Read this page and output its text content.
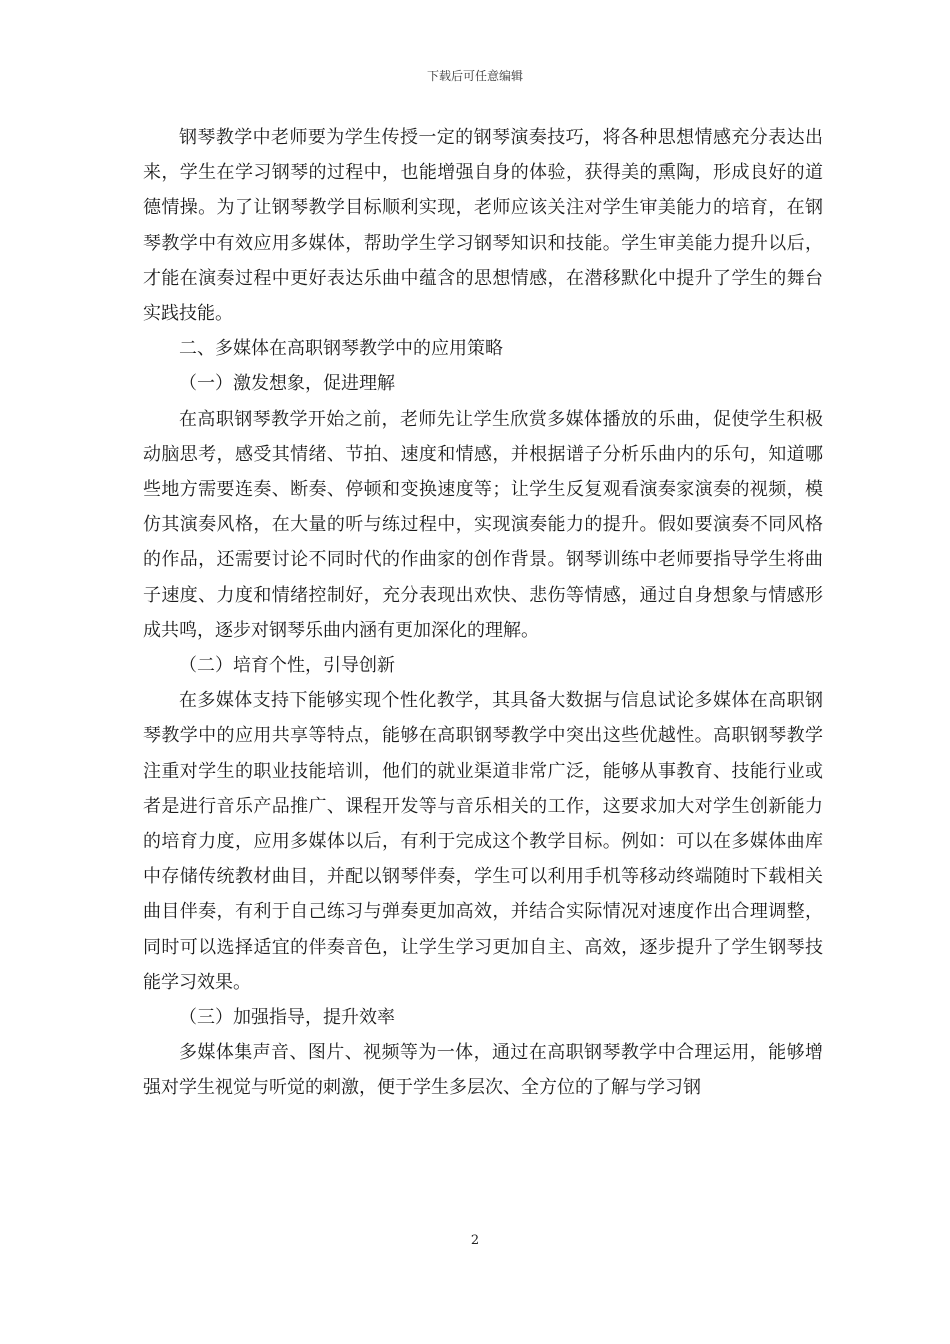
下载后可任意编辑

钢琴教学中老师要为学生传授一定的钢琴演奏技巧，将各种思想情感充分表达出来，学生在学习钢琴的过程中，也能增强自身的体验，获得美的熏陶，形成良好的道德情操。为了让钢琴教学目标顺利实现，老师应该关注对学生审美能力的培育，在钢琴教学中有效应用多媒体，帮助学生学习钢琴知识和技能。学生审美能力提升以后，才能在演奏过程中更好表达乐曲中蕴含的思想情感，在潜移默化中提升了学生的舞台实践技能。

二、多媒体在高职钢琴教学中的应用策略

（一）激发想象，促进理解

在高职钢琴教学开始之前，老师先让学生欣赏多媒体播放的乐曲，促使学生积极动脑思考，感受其情绪、节拍、速度和情感，并根据谱子分析乐曲内的乐句，知道哪些地方需要连奏、断奏、停顿和变换速度等；让学生反复观看演奏家演奏的视频，模仿其演奏风格，在大量的听与练过程中，实现演奏能力的提升。假如要演奏不同风格的作品，还需要讨论不同时代的作曲家的创作背景。钢琴训练中老师要指导学生将曲子速度、力度和情绪控制好，充分表现出欢快、悲伤等情感，通过自身想象与情感形成共鸣，逐步对钢琴乐曲内涵有更加深化的理解。

（二）培育个性，引导创新

在多媒体支持下能够实现个性化教学，其具备大数据与信息试论多媒体在高职钢琴教学中的应用共享等特点，能够在高职钢琴教学中突出这些优越性。高职钢琴教学注重对学生的职业技能培训，他们的就业渠道非常广泛，能够从事教育、技能行业或者是进行音乐产品推广、课程开发等与音乐相关的工作，这要求加大对学生创新能力的培育力度，应用多媒体以后，有利于完成这个教学目标。例如：可以在多媒体曲库中存储传统教材曲目，并配以钢琴伴奏，学生可以利用手机等移动终端随时下载相关曲目伴奏，有利于自己练习与弹奏更加高效，并结合实际情况对速度作出合理调整，同时可以选择适宜的伴奏音色，让学生学习更加自主、高效，逐步提升了学生钢琴技能学习效果。

（三）加强指导，提升效率

多媒体集声音、图片、视频等为一体，通过在高职钢琴教学中合理运用，能够增强对学生视觉与听觉的刺激，便于学生多层次、全方位的了解与学习钢

2
